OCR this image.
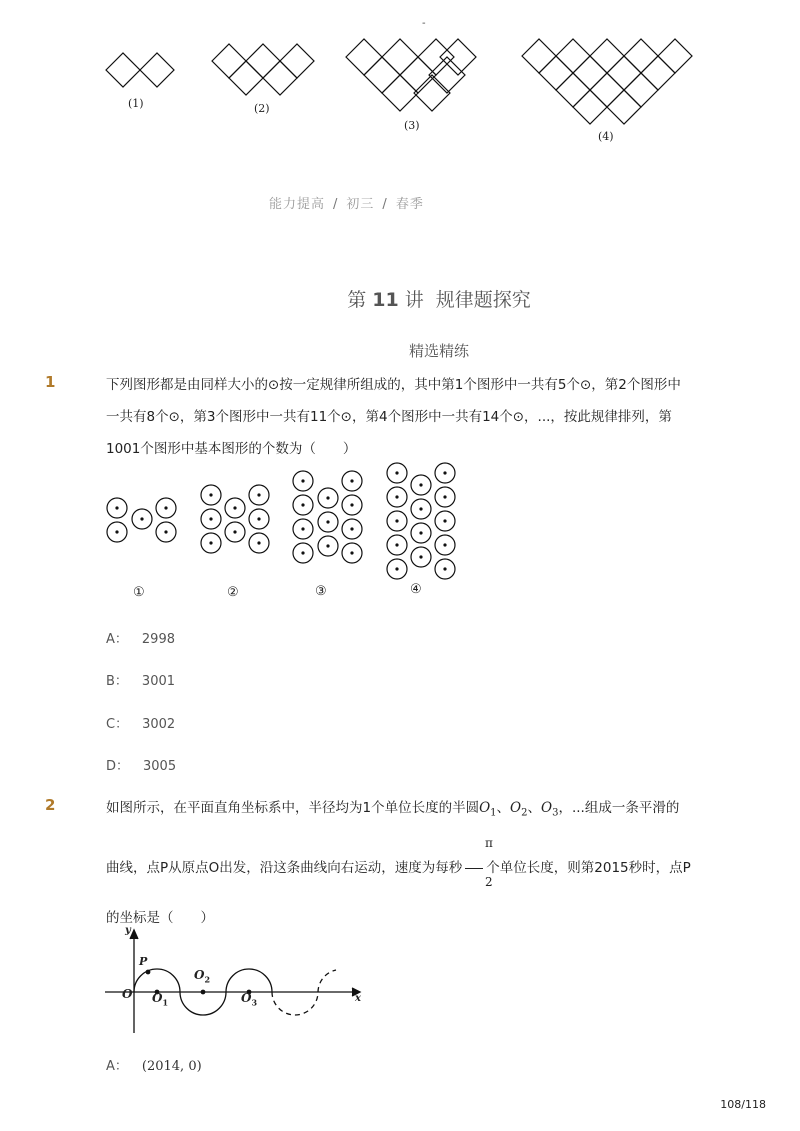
-
(1)	(2)
(3)
(4)
能力提高 / 初三 / 春季
第 11 讲 规律题探究
精选精练
1	下列图形都是由同样大小的⊙按一定规律所组成的，其中第1个图形中一共有5个⊙，第2个图形中
一共有8个⊙，第3个图形中一共有11个⊙，第4个图形中一共有14个⊙，...，按此规律排列，第
1001个图形中基本图形的个数为（　　）
①	②	③	④
A： 2998
B： 3001
C： 3002
D： 3005
2	如图所示，在平面直角坐标系中，半径均为1个单位长度的半圆$O_1$、$O_2$、$O_3$，...组成一条平滑的
π
曲线，点P从原点O出发，沿这条曲线向右运动，速度为每秒 个单位长度，则第2015秒时，点P
2
的坐标是（　　）
y
x
O
P
$O_1$
$O_2$
$O_3$
A： (2014, 0)
108/118
